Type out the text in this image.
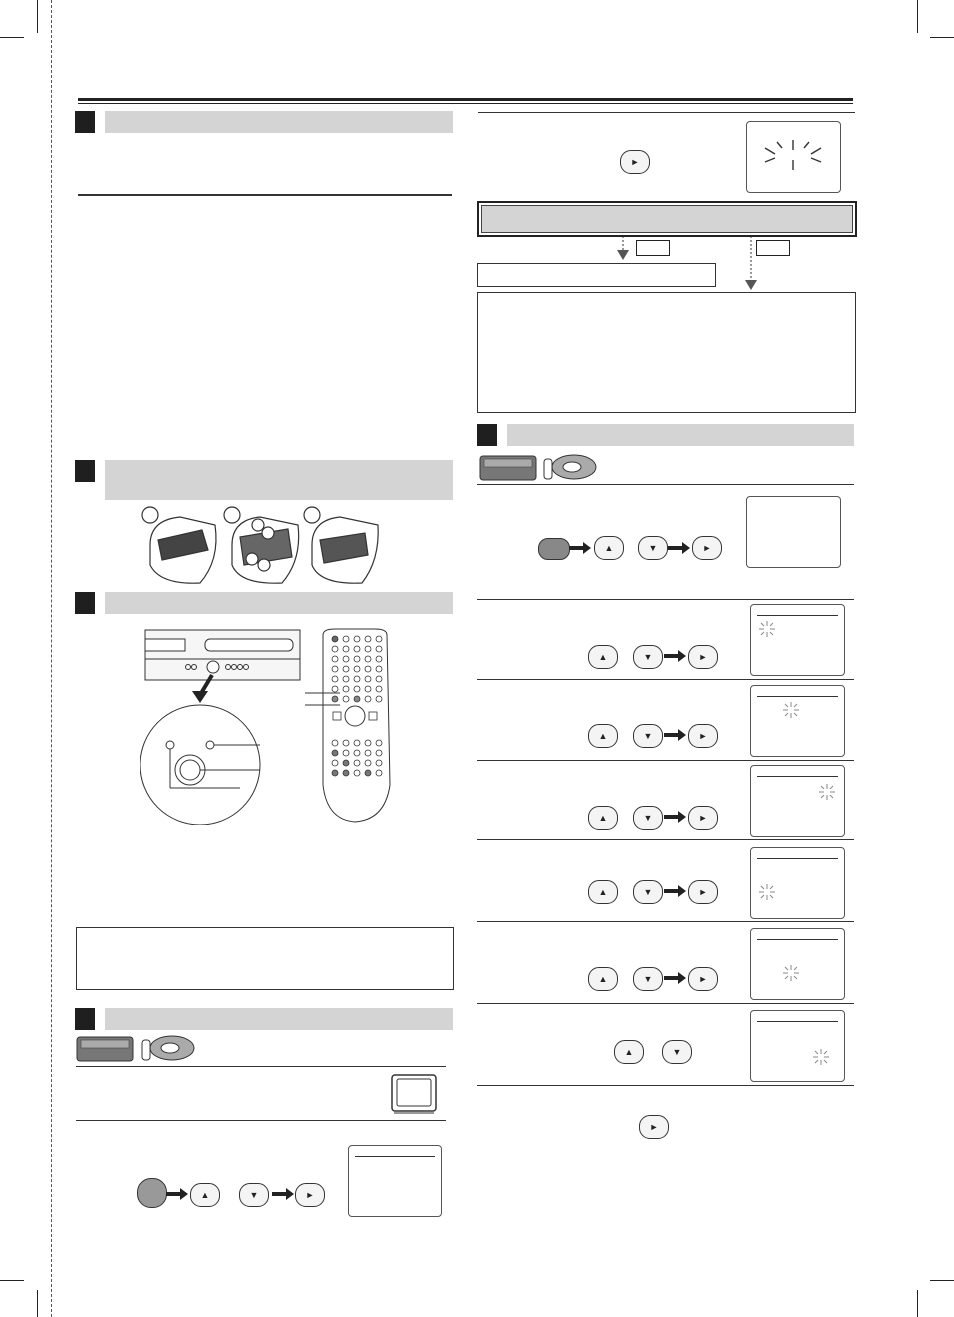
▲	▼	►
►
▲	▼	►
▲	▼	►
▲	▼	►
▲	▼	►
▲	▼	►
▲	▼	►
▲	▼
►
